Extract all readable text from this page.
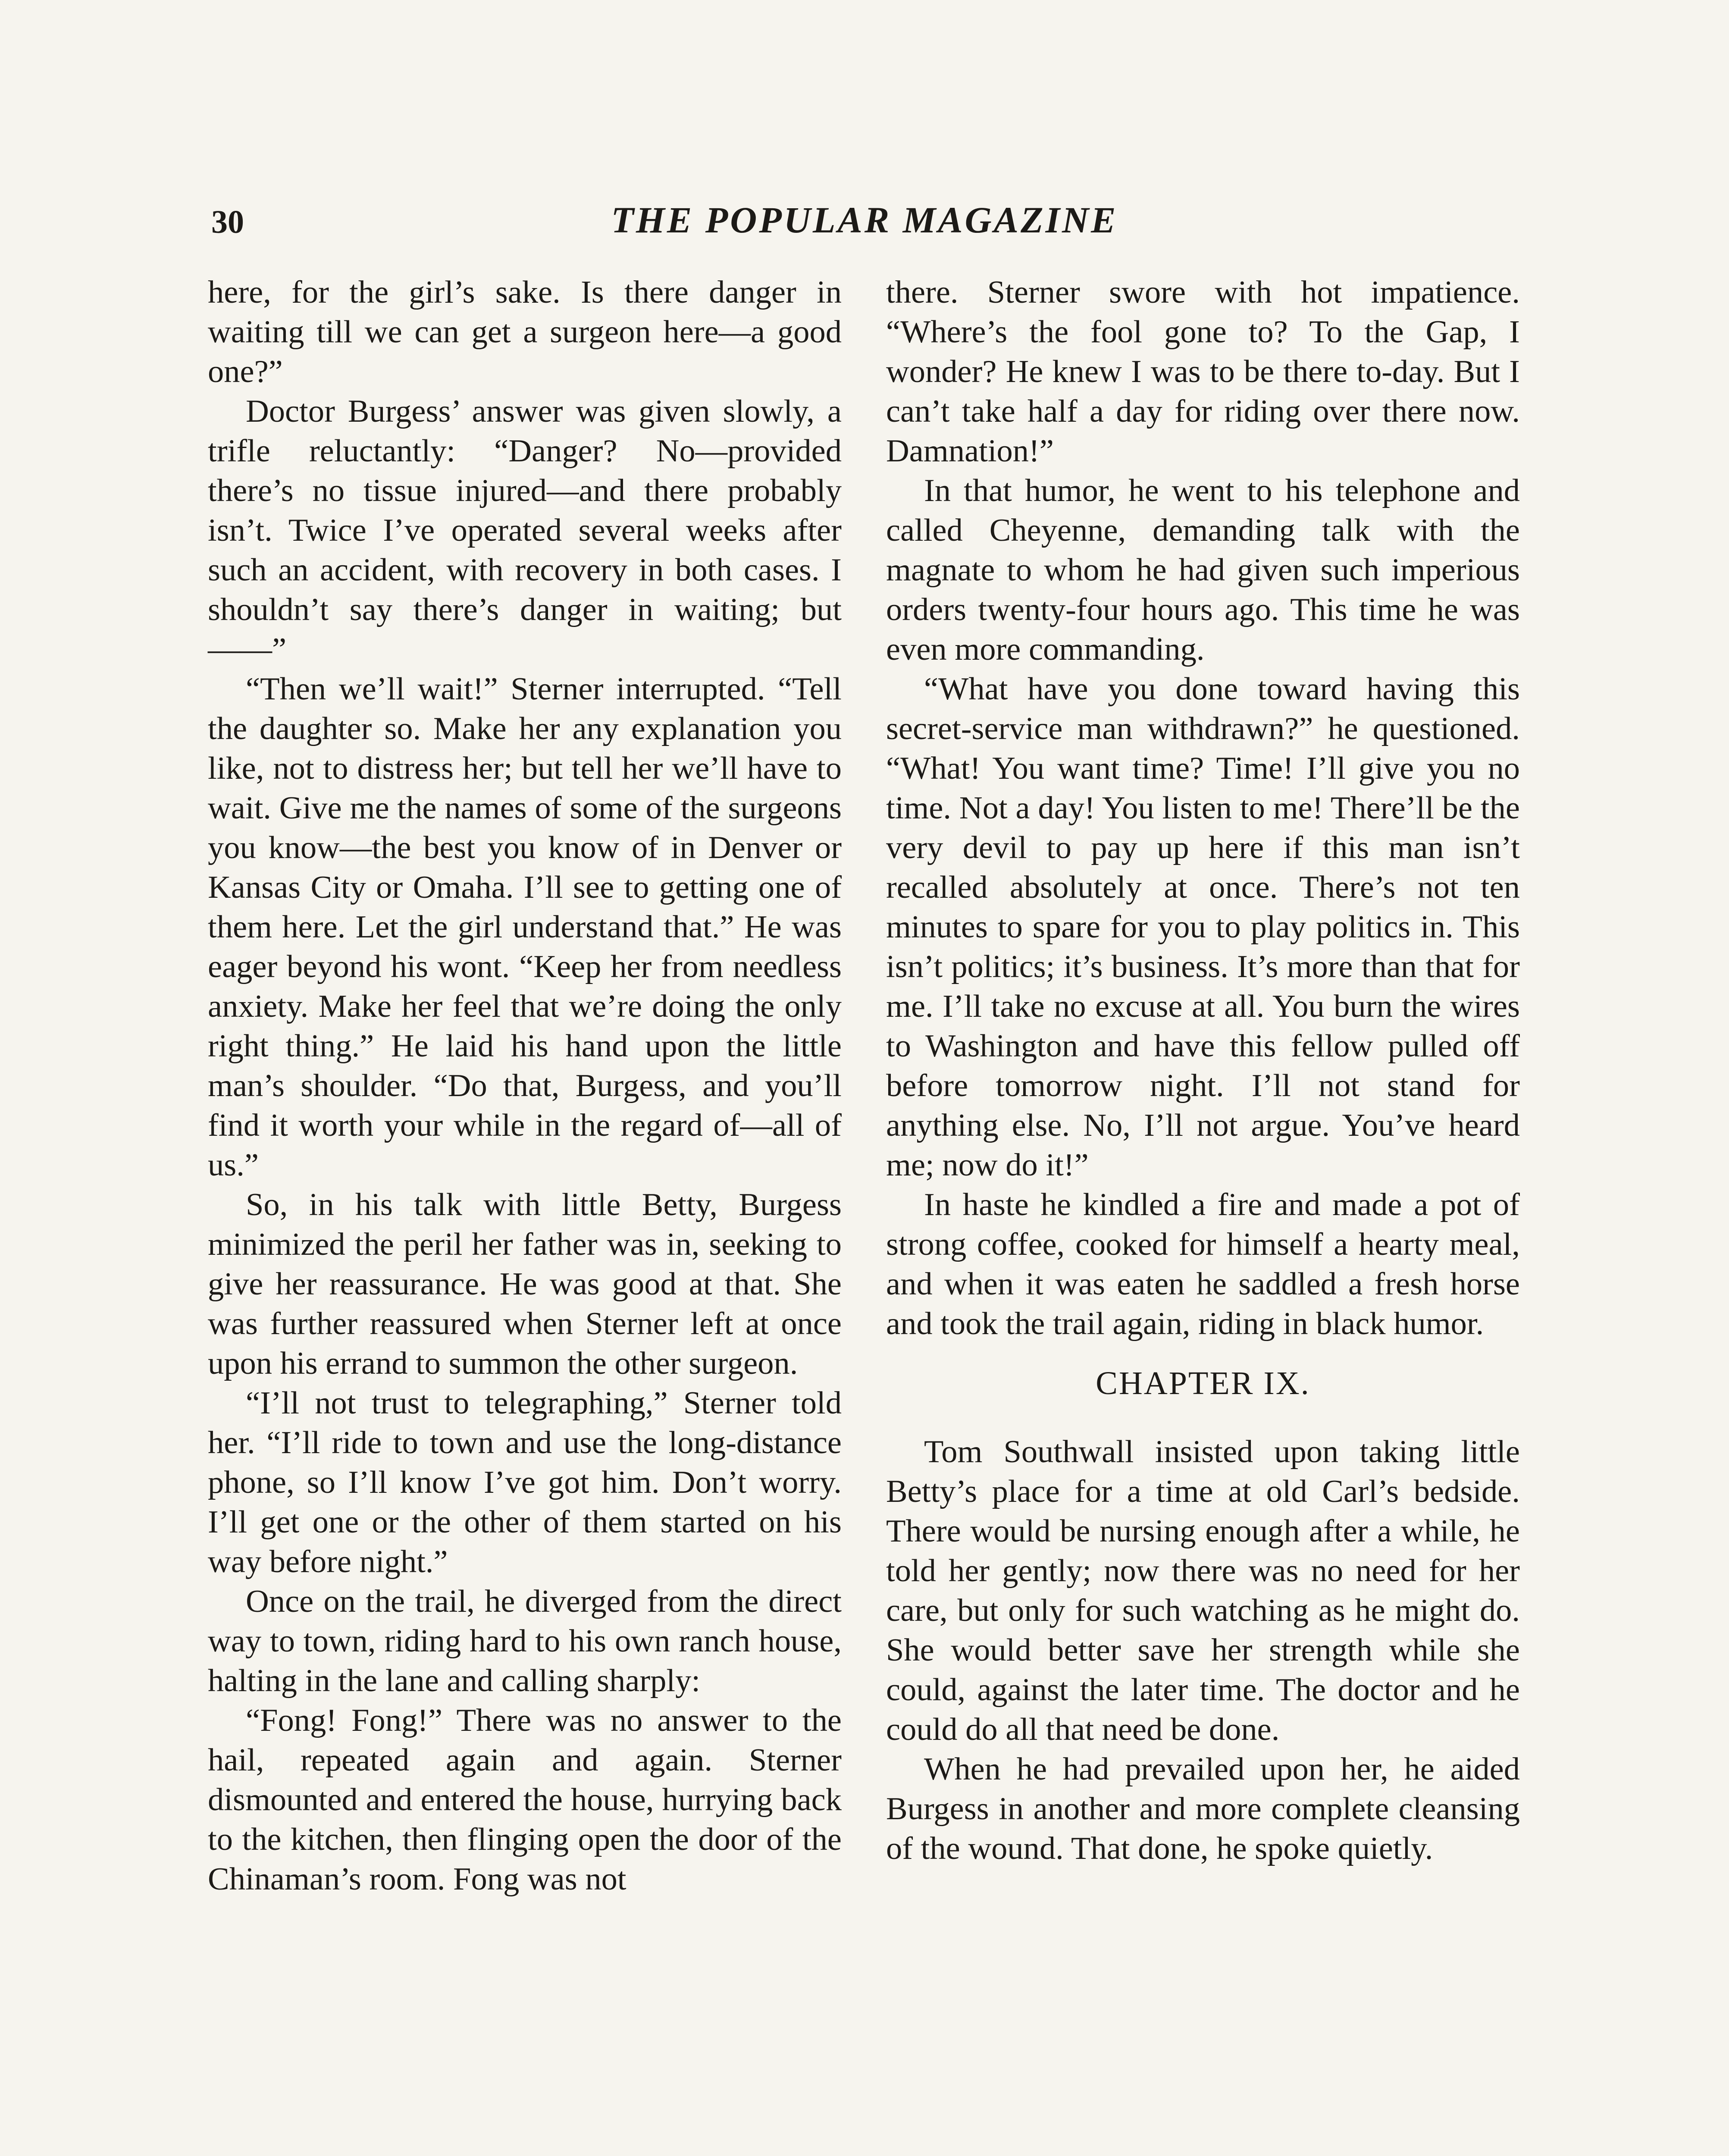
30	THE POPULAR MAGAZINE

here, for the girl’s sake. Is there danger in waiting till we can get a surgeon here—a good one?”

Doctor Burgess’ answer was given slowly, a trifle reluctantly: “Danger? No—provided there’s no tissue injured—and there probably isn’t. Twice I’ve operated several weeks after such an accident, with recovery in both cases. I shouldn’t say there’s danger in waiting; but——”

“Then we’ll wait!” Sterner interrupted. “Tell the daughter so. Make her any explanation you like, not to distress her; but tell her we’ll have to wait. Give me the names of some of the surgeons you know—the best you know of in Denver or Kansas City or Omaha. I’ll see to getting one of them here. Let the girl understand that.” He was eager beyond his wont. “Keep her from needless anxiety. Make her feel that we’re doing the only right thing.” He laid his hand upon the little man’s shoulder. “Do that, Burgess, and you’ll find it worth your while in the regard of—all of us.”

So, in his talk with little Betty, Burgess minimized the peril her father was in, seeking to give her reassurance. He was good at that. She was further reassured when Sterner left at once upon his errand to summon the other surgeon.

“I’ll not trust to telegraphing,” Sterner told her. “I’ll ride to town and use the long-distance phone, so I’ll know I’ve got him. Don’t worry. I’ll get one or the other of them started on his way before night.”

Once on the trail, he diverged from the direct way to town, riding hard to his own ranch house, halting in the lane and calling sharply:

“Fong! Fong!” There was no answer to the hail, repeated again and again. Sterner dismounted and entered the house, hurrying back to the kitchen, then flinging open the door of the Chinaman’s room. Fong was not

there. Sterner swore with hot impatience. “Where’s the fool gone to? To the Gap, I wonder? He knew I was to be there to-day. But I can’t take half a day for riding over there now. Damnation!”

In that humor, he went to his telephone and called Cheyenne, demanding talk with the magnate to whom he had given such imperious orders twenty-four hours ago. This time he was even more commanding.

“What have you done toward having this secret-service man withdrawn?” he questioned. “What! You want time? Time! I’ll give you no time. Not a day! You listen to me! There’ll be the very devil to pay up here if this man isn’t recalled absolutely at once. There’s not ten minutes to spare for you to play politics in. This isn’t politics; it’s business. It’s more than that for me. I’ll take no excuse at all. You burn the wires to Washington and have this fellow pulled off before tomorrow night. I’ll not stand for anything else. No, I’ll not argue. You’ve heard me; now do it!”

In haste he kindled a fire and made a pot of strong coffee, cooked for himself a hearty meal, and when it was eaten he saddled a fresh horse and took the trail again, riding in black humor.

CHAPTER IX.

Tom Southwall insisted upon taking little Betty’s place for a time at old Carl’s bedside. There would be nursing enough after a while, he told her gently; now there was no need for her care, but only for such watching as he might do. She would better save her strength while she could, against the later time. The doctor and he could do all that need be done.

When he had prevailed upon her, he aided Burgess in another and more complete cleansing of the wound. That done, he spoke quietly.
